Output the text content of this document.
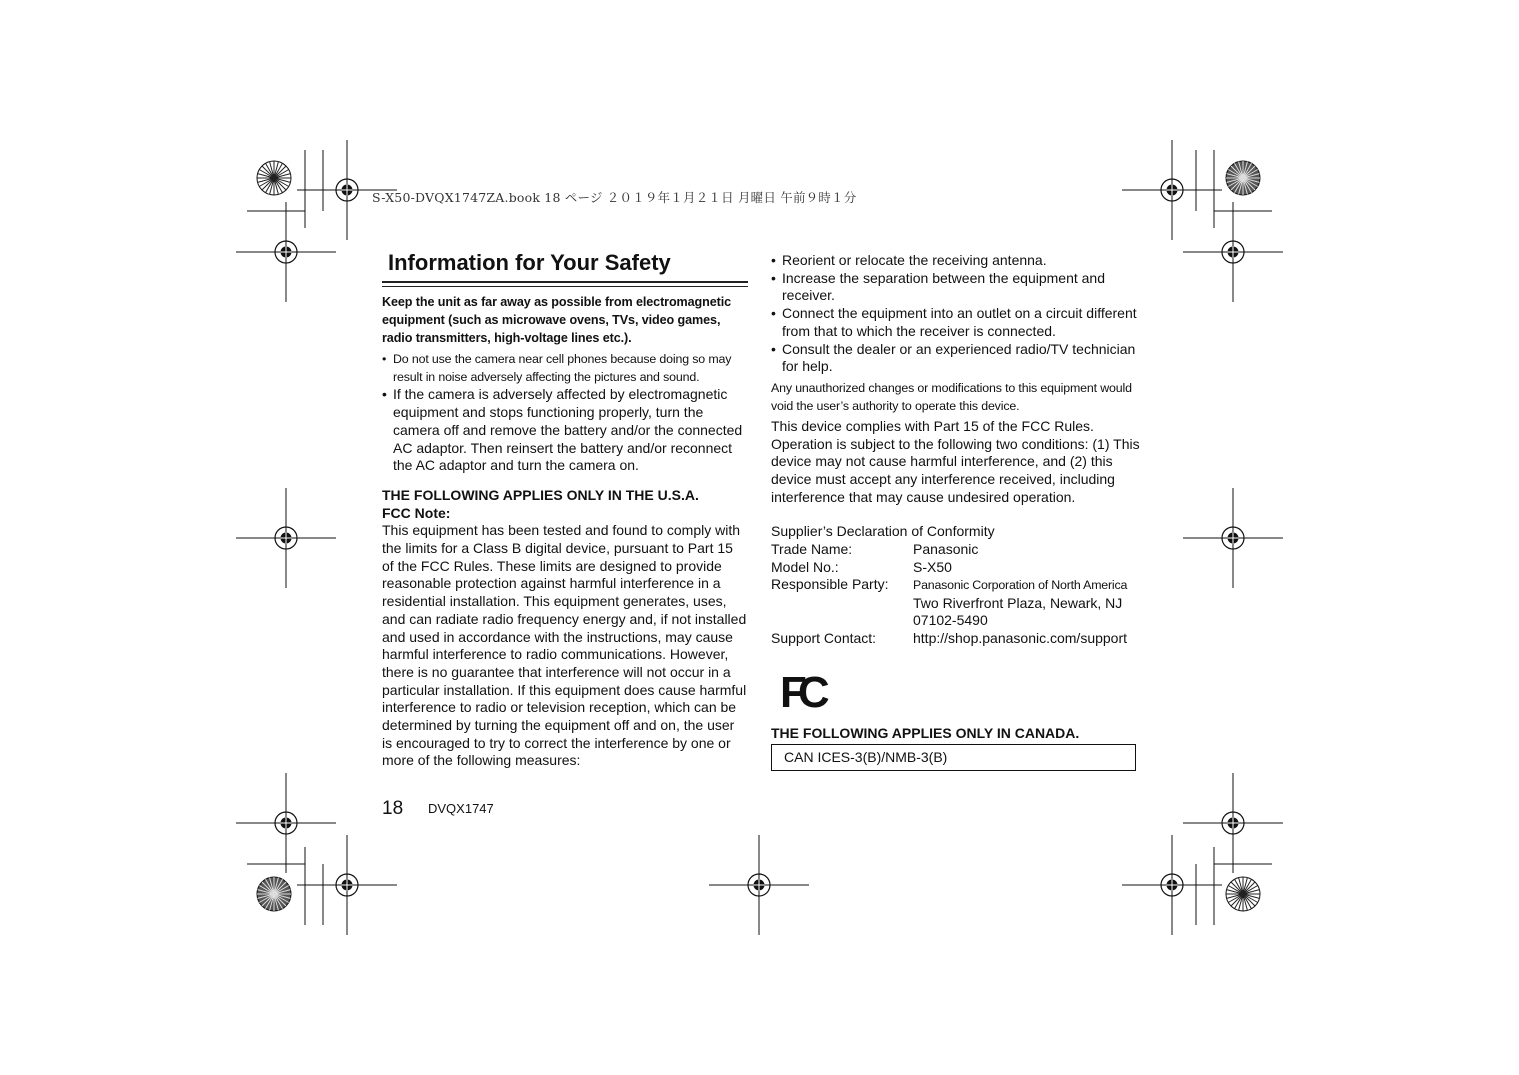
S-X50-DVQX1747ZA.book 18 ページ ２０１９年１月２１日 月曜日 午前９時１分
Information for Your Safety

Keep the unit as far away as possible from electromagnetic equipment (such as microwave ovens, TVs, video games, radio transmitters, high-voltage lines etc.).

• Do not use the camera near cell phones because doing so may result in noise adversely affecting the pictures and sound.
• If the camera is adversely affected by electromagnetic equipment and stops functioning properly, turn the camera off and remove the battery and/or the connected AC adaptor. Then reinsert the battery and/or reconnect the AC adaptor and turn the camera on.

THE FOLLOWING APPLIES ONLY IN THE U.S.A.

FCC Note:

This equipment has been tested and found to comply with the limits for a Class B digital device, pursuant to Part 15 of the FCC Rules. These limits are designed to provide reasonable protection against harmful interference in a residential installation. This equipment generates, uses, and can radiate radio frequency energy and, if not installed and used in accordance with the instructions, may cause harmful interference to radio communications. However, there is no guarantee that interference will not occur in a particular installation. If this equipment does cause harmful interference to radio or television reception, which can be determined by turning the equipment off and on, the user is encouraged to try to correct the interference by one or more of the following measures:

• Reorient or relocate the receiving antenna.
• Increase the separation between the equipment and receiver.
• Connect the equipment into an outlet on a circuit different from that to which the receiver is connected.
• Consult the dealer or an experienced radio/TV technician for help.

Any unauthorized changes or modifications to this equipment would void the user’s authority to operate this device.

This device complies with Part 15 of the FCC Rules. Operation is subject to the following two conditions: (1) This device may not cause harmful interference, and (2) this device must accept any interference received, including interference that may cause undesired operation.

Supplier’s Declaration of Conformity

Trade Name:	Panasonic
Model No.:	S-X50
Responsible Party:	Panasonic Corporation of North America
Two Riverfront Plaza, Newark, NJ 07102-5490
Support Contact:	http://shop.panasonic.com/support
FC
THE FOLLOWING APPLIES ONLY IN CANADA.
CAN ICES-3(B)/NMB-3(B)
18 DVQX1747
